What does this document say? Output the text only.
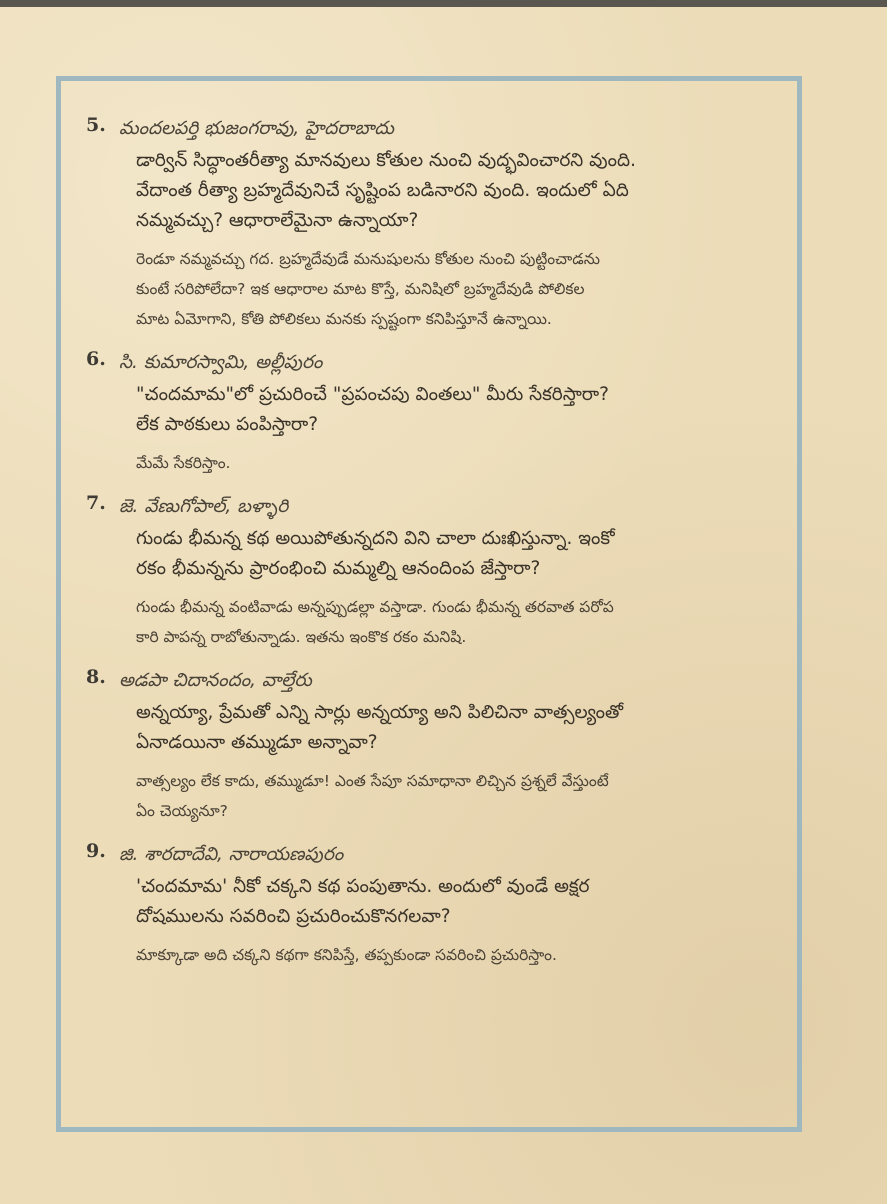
5. మందలపర్తి భుజంగరావు, హైదరాబాదు
డార్విన్ సిద్ధాంతరీత్యా మానవులు కోతుల నుంచి వుద్భవించారని వుంది.
వేదాంత రీత్యా బ్రహ్మదేవునిచే సృష్టింప బడినారని వుంది. ఇందులో ఏది
నమ్మవచ్చు? ఆధారాలేమైనా ఉన్నాయా?
రెండూ నమ్మవచ్చు గద. బ్రహ్మదేవుడే మనుషులను కోతుల నుంచి పుట్టించాడను
కుంటే సరిపోలేదా? ఇక ఆధారాల మాట కొస్తే, మనిషిలో బ్రహ్మదేవుడి పోలికల
మాట ఏమోగాని, కోతి పోలికలు మనకు స్పష్టంగా కనిపిస్తూనే ఉన్నాయి.
6. సి. కుమారస్వామి, అల్లీపురం
"చందమామ"లో ప్రచురించే "ప్రపంచపు వింతలు" మీరు సేకరిస్తారా?
లేక పాఠకులు పంపిస్తారా?
మేమే సేకరిస్తాం.
7. జె. వేణుగోపాల్, బళ్ళారి
గుండు భీమన్న కథ అయిపోతున్నదని విని చాలా దుఃఖిస్తున్నా. ఇంకో
రకం భీమన్నను ప్రారంభించి మమ్మల్ని ఆనందింప జేస్తారా?
గుండు భీమన్న వంటివాడు అన్నప్పుడల్లా వస్తాడా. గుండు భీమన్న తరవాత పరోప
కారి పాపన్న రాబోతున్నాడు. ఇతను ఇంకొక రకం మనిషి.
8. అడపా చిదానందం, వాల్తేరు
అన్నయ్యా, ప్రేమతో ఎన్ని సార్లు అన్నయ్యా అని పిలిచినా వాత్సల్యంతో
ఏనాడయినా తమ్ముడూ అన్నావా?
వాత్సల్యం లేక కాదు, తమ్ముడూ! ఎంత సేపూ సమాధానా లిచ్చిన ప్రశ్నలే వేస్తుంటే
ఏం చెయ్యనూ?
9. జి. శారదాదేవి, నారాయణపురం
'చందమామ' నీకో చక్కని కథ పంపుతాను. అందులో వుండే అక్షర
దోషములను సవరించి ప్రచురించుకొనగలవా?
మాక్కూడా అది చక్కని కథగా కనిపిస్తే, తప్పకుండా సవరించి ప్రచురిస్తాం.
